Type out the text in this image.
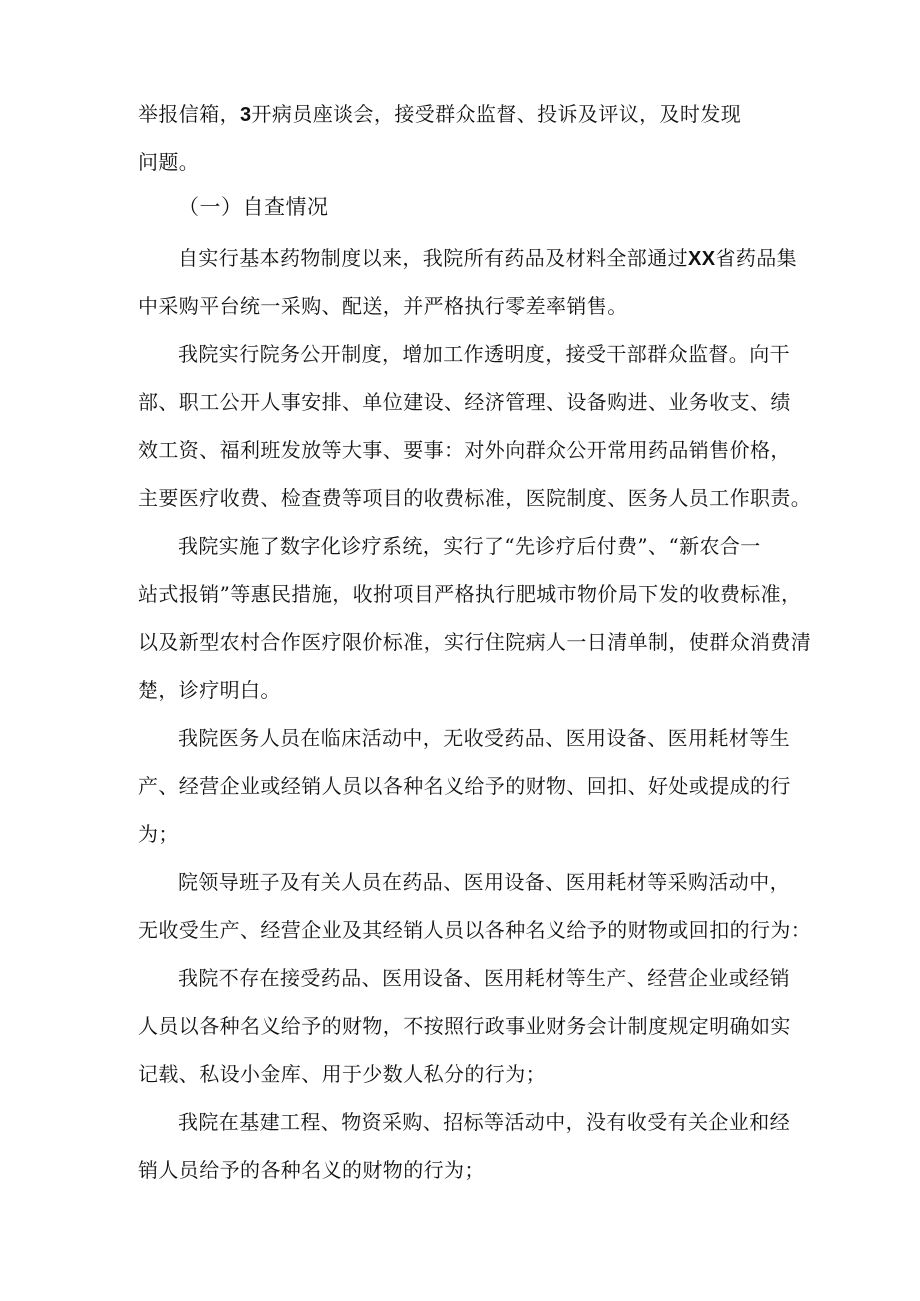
举报信箱，3开病员座谈会，接受群众监督、投诉及评议，及时发现
问题。
（一）自查情况
自实行基本药物制度以来，我院所有药品及材料全部通过XX省药品集
中采购平台统一采购、配送，并严格执行零差率销售。
我院实行院务公开制度，增加工作透明度，接受干部群众监督。向干
部、职工公开人事安排、单位建设、经济管理、设备购进、业务收支、绩
效工资、福利班发放等大事、要事：对外向群众公开常用药品销售价格，
主要医疗收费、检查费等项目的收费标准，医院制度、医务人员工作职责。
我院实施了数字化诊疗系统，实行了“先诊疗后付费”、“新农合一
站式报销”等惠民措施，收拊项目严格执行肥城市物价局下发的收费标准，
以及新型农村合作医疗限价标准，实行住院病人一日清单制，使群众消费清
楚，诊疗明白。
我院医务人员在临床活动中，无收受药品、医用设备、医用耗材等生
产、经营企业或经销人员以各种名义给予的财物、回扣、好处或提成的行
为；
院领导班子及有关人员在药品、医用设备、医用耗材等采购活动中，
无收受生产、经营企业及其经销人员以各种名义给予的财物或回扣的行为：
我院不存在接受药品、医用设备、医用耗材等生产、经营企业或经销
人员以各种名义给予的财物，不按照行政事业财务会计制度规定明确如实
记载、私设小金库、用于少数人私分的行为；
我院在基建工程、物资采购、招标等活动中，没有收受有关企业和经
销人员给予的各种名义的财物的行为；
